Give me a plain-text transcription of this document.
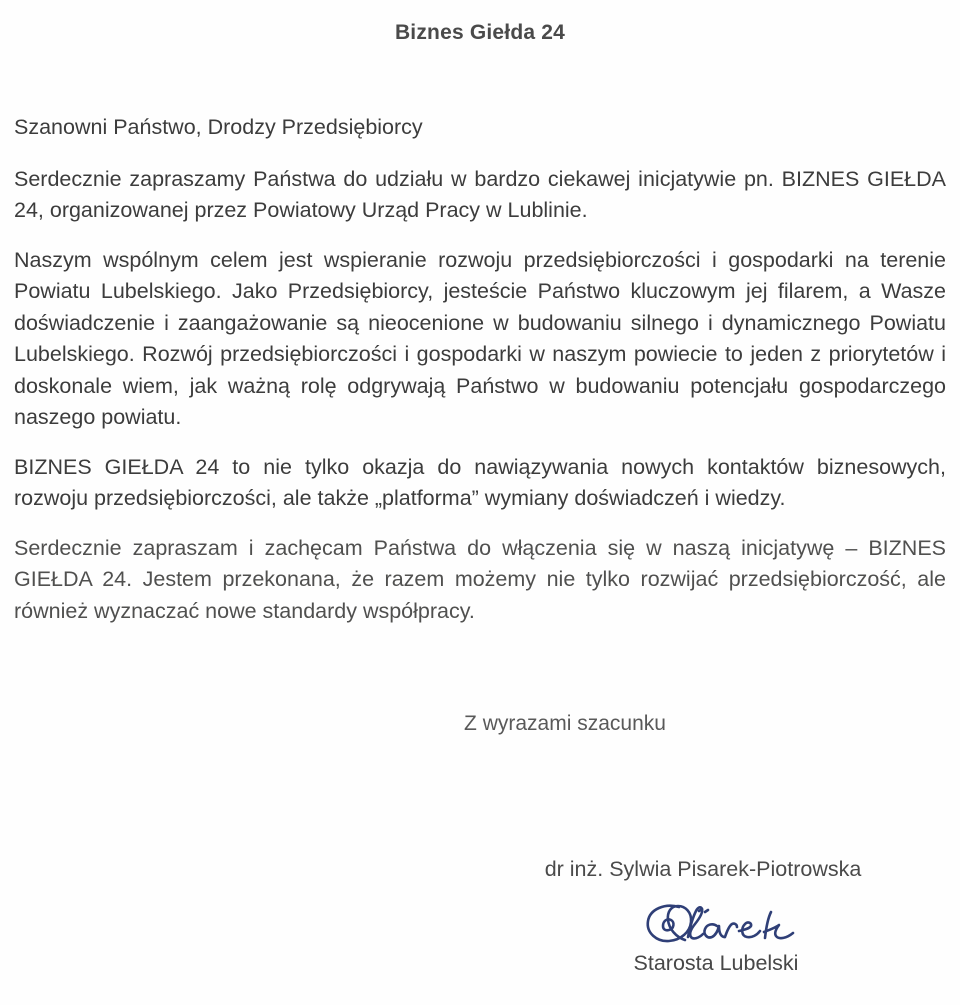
Biznes Giełda 24

Szanowni Państwo, Drodzy Przedsiębiorcy

Serdecznie zapraszamy Państwa do udziału w bardzo ciekawej inicjatywie pn. BIZNES GIEŁDA 24, organizowanej przez Powiatowy Urząd Pracy w Lublinie.

Naszym wspólnym celem jest wspieranie rozwoju przedsiębiorczości i gospodarki na terenie Powiatu Lubelskiego. Jako Przedsiębiorcy, jesteście Państwo kluczowym jej filarem, a Wasze doświadczenie i zaangażowanie są nieocenione w budowaniu silnego i dynamicznego Powiatu Lubelskiego. Rozwój przedsiębiorczości i gospodarki w naszym powiecie to jeden z priorytetów i doskonale wiem, jak ważną rolę odgrywają Państwo w budowaniu potencjału gospodarczego naszego powiatu.

BIZNES GIEŁDA 24 to nie tylko okazja do nawiązywania nowych kontaktów biznesowych, rozwoju przedsiębiorczości, ale także „platforma” wymiany doświadczeń i wiedzy.

Serdecznie zapraszam i zachęcam Państwa do włączenia się w naszą inicjatywę – BIZNES GIEŁDA 24. Jestem przekonana, że razem możemy nie tylko rozwijać przedsiębiorczość, ale również wyznaczać nowe standardy współpracy.

Z wyrazami szacunku
dr inż. Sylwia Pisarek-Piotrowska
Starosta Lubelski
